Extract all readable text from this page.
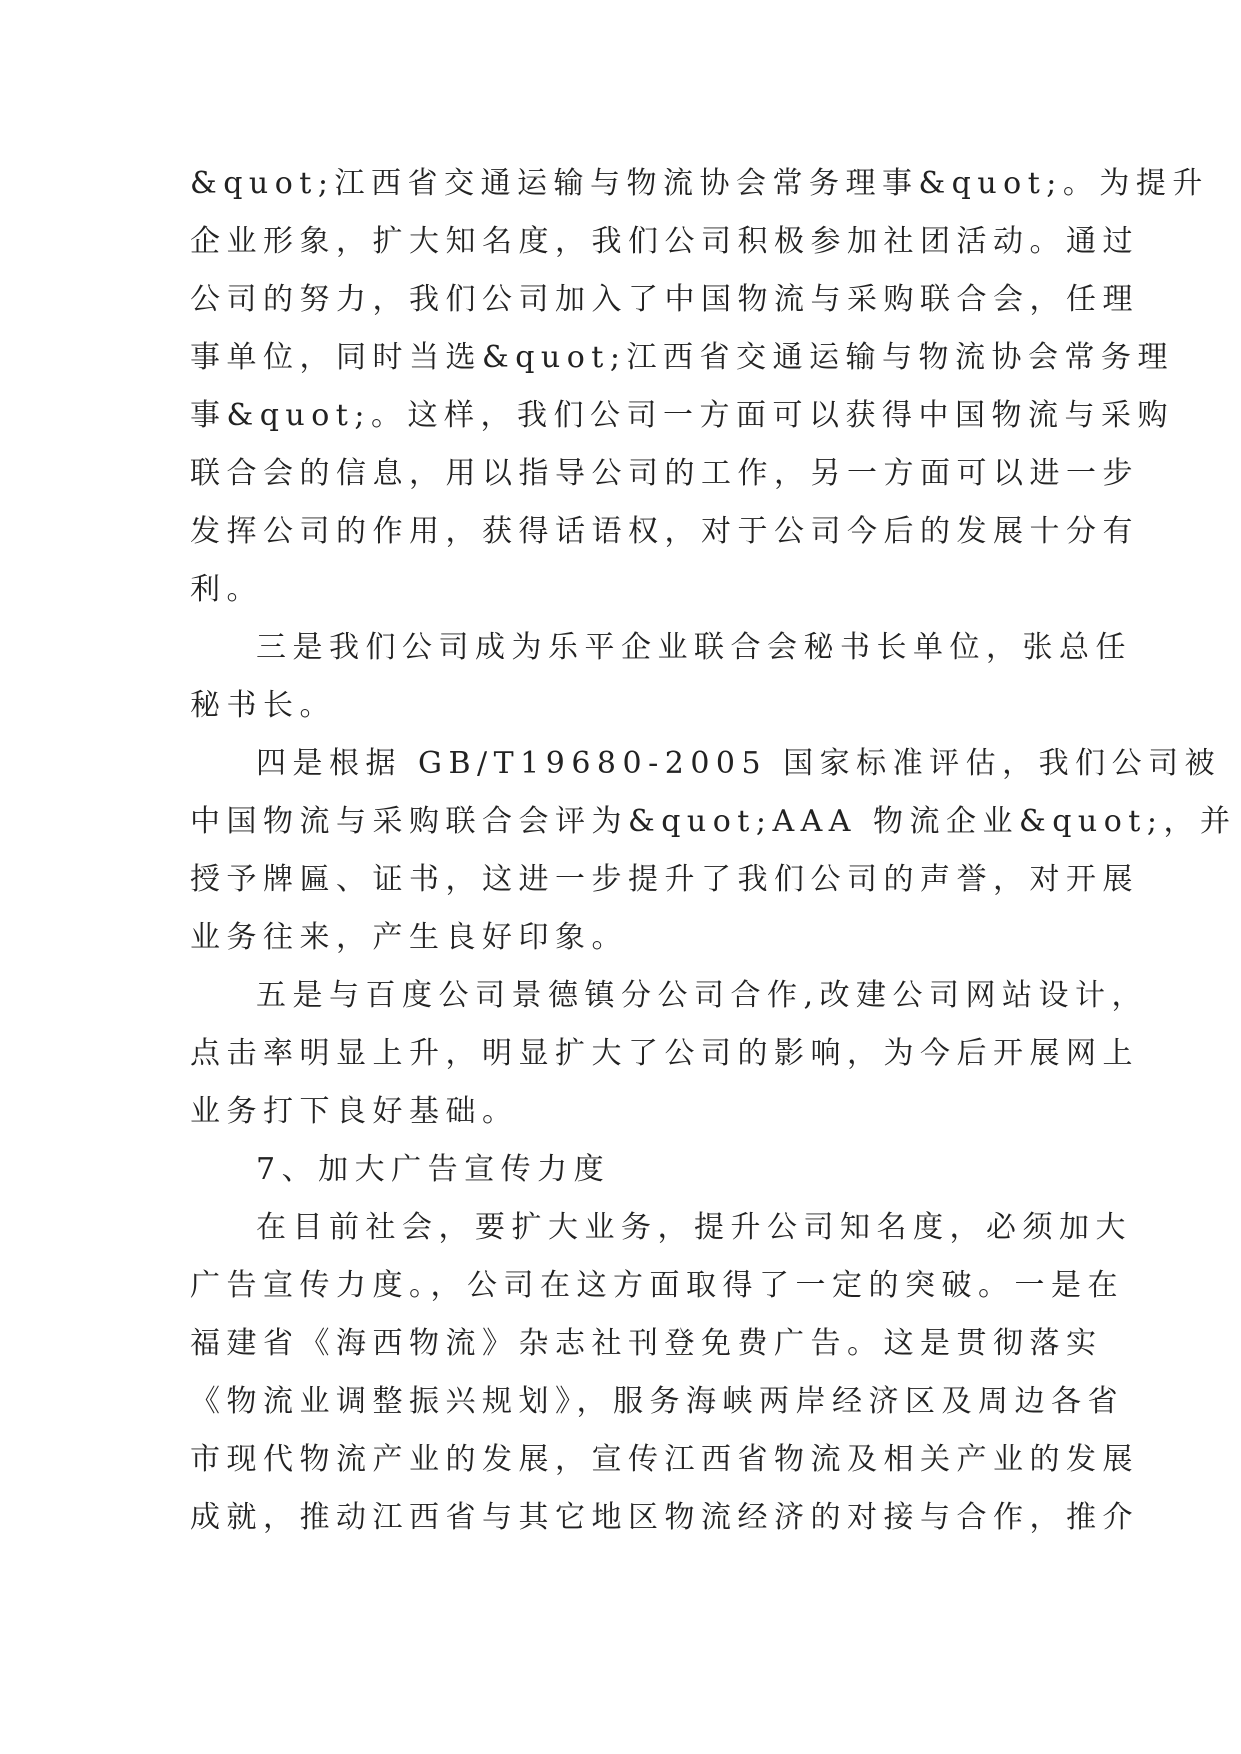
&quot;江西省交通运输与物流协会常务理事&quot;。为提升
企业形象，扩大知名度，我们公司积极参加社团活动。通过
公司的努力，我们公司加入了中国物流与采购联合会，任理
事单位，同时当选&quot;江西省交通运输与物流协会常务理
事&quot;。这样，我们公司一方面可以获得中国物流与采购
联合会的信息，用以指导公司的工作，另一方面可以进一步
发挥公司的作用，获得话语权，对于公司今后的发展十分有
利。
三是我们公司成为乐平企业联合会秘书长单位，张总任
秘书长。
四是根据 GB/T19680-2005 国家标准评估，我们公司被
中国物流与采购联合会评为&quot;AAA 物流企业&quot;，并
授予牌匾、证书，这进一步提升了我们公司的声誉，对开展
业务往来，产生良好印象。
五是与百度公司景德镇分公司合作,改建公司网站设计，
点击率明显上升，明显扩大了公司的影响，为今后开展网上
业务打下良好基础。
7、加大广告宣传力度
在目前社会，要扩大业务，提升公司知名度，必须加大
广告宣传力度。，公司在这方面取得了一定的突破。一是在
福建省《海西物流》杂志社刊登免费广告。这是贯彻落实
《物流业调整振兴规划》，服务海峡两岸经济区及周边各省
市现代物流产业的发展，宣传江西省物流及相关产业的发展
成就，推动江西省与其它地区物流经济的对接与合作，推介
